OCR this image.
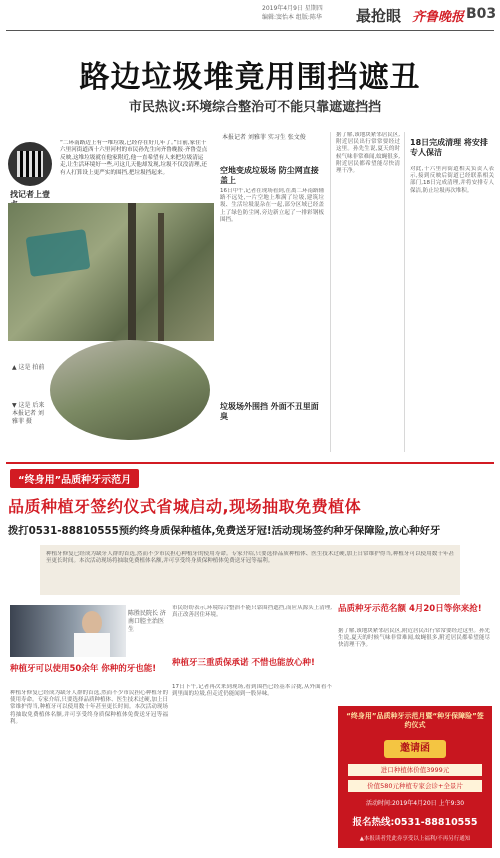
2019年4月9日 星期四
编辑:窦怡本 组版:陈华 最抢眼 齐鲁晚报 B03
路边垃圾堆竟用围挡遮丑
市民热议:环境综合整治可不能只靠遮遮挡挡
找记者上壹
“二环南路边上有一堆垃圾,已经存在好几年了。”日前,家住十六里河街道西十六里河村的市民孙先生向齐鲁晚报·齐鲁壹点反映,这堆垃圾就在他家附近,他一直希望有人来把垃圾清运走,让生活环境好一些,可这几天他却发现,垃圾不仅没清理,还有人打算设上更严实的围挡,把垃圾挡起来。
本报记者 刘雅菲 实习生 张文俊
空地变成垃圾场 防尘网直接盖上
▲ 这是 拍前
▼ 这是 后来 本报记者 刘雅菲 摄
16日中午,记者在现场看到,在离二环南路辅路不远处,一片空地上堆满了垃圾,建筑垃圾、生活垃圾混杂在一起,部分区域已经盖上了绿色防尘网,旁边新立起了一排彩钢板围挡。
垃圾场外围挡 外面不丑里面臭
据了解,该地块紧邻居民区,附近居民出行常常要经过这里。孙先生说,夏天的时候气味非常难闻,蚊蝇很多,附近居民都希望能尽快清理干净。
18日完成清理 将安排专人保洁
对此,十六里河街道相关负责人表示,接到反映后街道已经联系相关部门,18日完成清理,并将安排专人保洁,防止垃圾再次堆积。
“终身用”品质种牙示范月
品质种植牙签约仪式省城启动,现场抽取免费植体
拨打0531-88810555预约终身质保种植体,免费送牙冠!活动现场签约种牙保障险,放心种好牙
种植牙修复已经成为缺牙人群的首选,然而不少市民担心种植牙的使用寿命。专家介绍,只要选择品质种植体、医生技术过硬,加上日常维护得当,种植牙可以使用数十年甚至更长时间。本次活动现场将抽取免费植体名额,并可享受终身质保种植体免费送牙冠等福利。
陈胜民院长 济南口腔主治医生
种植牙可以使用50余年 你种的牙也能!
种植牙修复已经成为缺牙人群的首选,然而不少市民担心种植牙的使用寿命。专家介绍,只要选择品质种植体、医生技术过硬,加上日常维护得当,种植牙可以使用数十年甚至更长时间。本次活动现场将抽取免费植体名额,并可享受终身质保种植体免费送牙冠等福利。
市民纷纷表示,环境综合整治不能只靠围挡遮挡,而应从源头上清理,真正改善居住环境。
种植牙三重质保承诺 不惜也能放心种!
17日下午,记者再次来到现场,看到围挡已经基本合拢,从外面看不到里面的垃圾,但走近仍能闻到一股异味。
品质种牙示范名额 4月20日等你来抢!
据了解,该地块紧邻居民区,附近居民出行常常要经过这里。孙先生说,夏天的时候气味非常难闻,蚊蝇很多,附近居民都希望能尽快清理干净。
“终身用”品质种牙示范月暨“种牙保障险”签约仪式
邀请函
进口种植体价值3999元
价值580元种植专家会诊+全景片
活动时间:2019年4月20日 上午9:30
报名热线:0531-88810555
▲本报读者凭此券享受以上福利/不再另行通知
